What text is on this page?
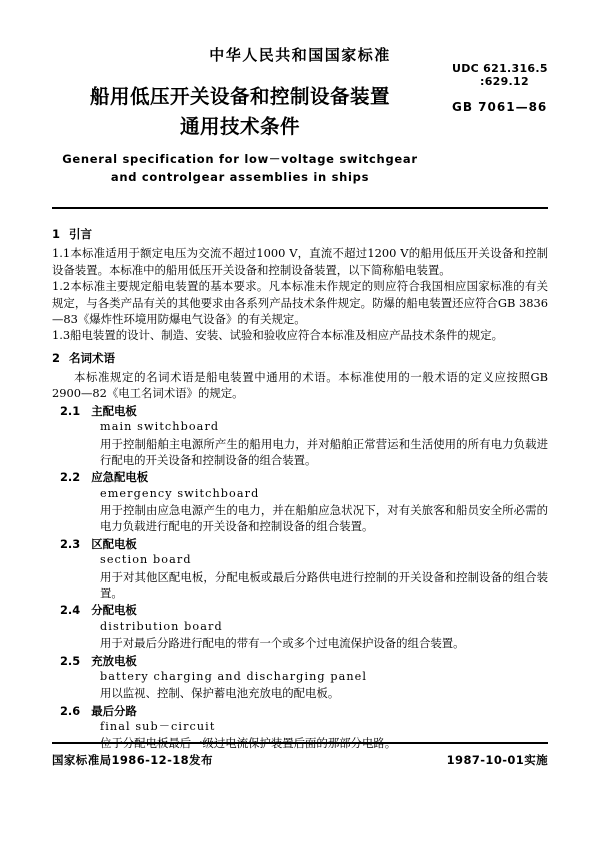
中华人民共和国国家标准
船用低压开关设备和控制设备装置
通用技术条件
General specification for low－voltage switchgear
and controlgear assemblies in ships
UDC 621.316.5
:629.12
GB 7061—86
1 引言

1.1本标准适用于额定电压为交流不超过1000 V，直流不超过1200 V的船用低压开关设备和控制设备装置。本标准中的船用低压开关设备和控制设备装置，以下简称船电装置。

1.2本标准主要规定船电装置的基本要求。凡本标准未作规定的则应符合我国相应国家标准的有关规定，与各类产品有关的其他要求由各系列产品技术条件规定。防爆的船电装置还应符合GB 3836—83《爆炸性环境用防爆电气设备》的有关规定。

1.3船电装置的设计、制造、安装、试验和验收应符合本标准及相应产品技术条件的规定。

2 名词术语

本标准规定的名词术语是船电装置中通用的术语。本标准使用的一般术语的定义应按照GB 2900—82《电工名词术语》的规定。

2.1 主配电板
main switchboard
用于控制船舶主电源所产生的船用电力，并对船舶正常营运和生活使用的所有电力负载进行配电的开关设备和控制设备的组合装置。
2.2 应急配电板
emergency switchboard
用于控制由应急电源产生的电力，并在船舶应急状况下，对有关旅客和船员安全所必需的电力负载进行配电的开关设备和控制设备的组合装置。
2.3 区配电板
section board
用于对其他区配电板，分配电板或最后分路供电进行控制的开关设备和控制设备的组合装置。
2.4 分配电板
distribution board
用于对最后分路进行配电的带有一个或多个过电流保护设备的组合装置。
2.5 充放电板
battery charging and discharging panel
用以监视、控制、保护蓄电池充放电的配电板。
2.6 最后分路
final sub－circuit
位于分配电板最后一级过电流保护装置后面的那部分电路。
国家标准局1986-12-18发布	1987-10-01实施
